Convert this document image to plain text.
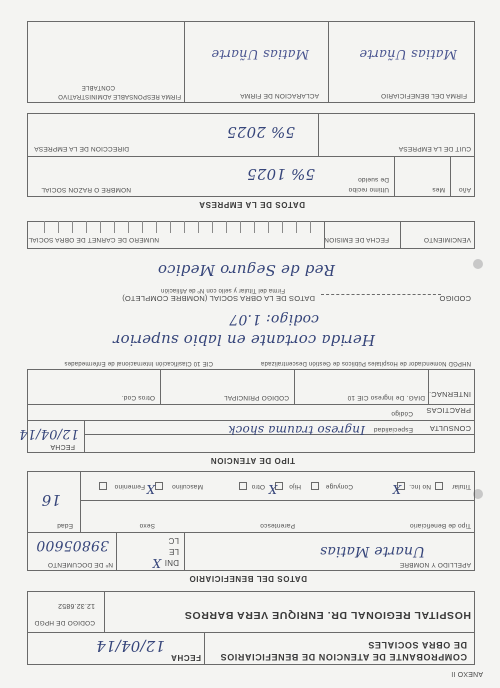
ANEXO II
COMPROBANTE DE ATENCION DE BENEFICIARIOS
DE OBRA SOCIALES
FECHA
12/04/14
HOSPITAL REGIONAL DR. ENRIQUE VERA BARROS
CODIGO DE HPGD
12.32.6852
DATOS DEL BENEFICIARIO
APELLIDO Y NOMBRE
Unarte Matias
DNI
X
LE
LC
Nº DE DOCUMENTO
39805600
Tipo de Beneficiario
Parentesco
Sexo
Edad
16
Titular
No Inc.
X
Conyuge
Hijo
Otro X
Masculino
Femenino X
TIPO DE ATENCION
FECHA
12/04/14	CONSULTA
Especialidad
Ingreso trauma shock
PRACTICAS
Código
INTERNAC.
DIAG. De Ingreso CIE 10
CODIGO PRINCIPAL
Otros Cod.
NHPGD Nomenclador de Hospitales Públicos de Gestión Descentralizada
CIE 10 Clasificación Internacional de Enfermedades
Herida cortante en labio superior
codigo: 1.07
DATOS DE LA OBRA SOCIAL (NOMBRE COMPLETO)	CODIGO
Firma del Titular y sello con Nº de Afiliación
Red de Seguro Medico
VENCIMIENTO
FECHA DE EMISION
NUMERO DE CARNET DE OBRA SOCIAL
DATOS DE LA EMPRESA
Año
Mes
Ultimo recibo
De sueldo
NOMBRE O RAZON SOCIAL
5% 1025
CUIT DE LA EMPRESA
DIRECCION DE LA EMPRESA
5% 2025
FIRMA DEL BENEFICIARIO
ACLARACION DE FIRMA
FIRMA RESPONSABLE ADMINISTRATIVO
CONTABLE
Matias Uñarte
Matias Uñarte
